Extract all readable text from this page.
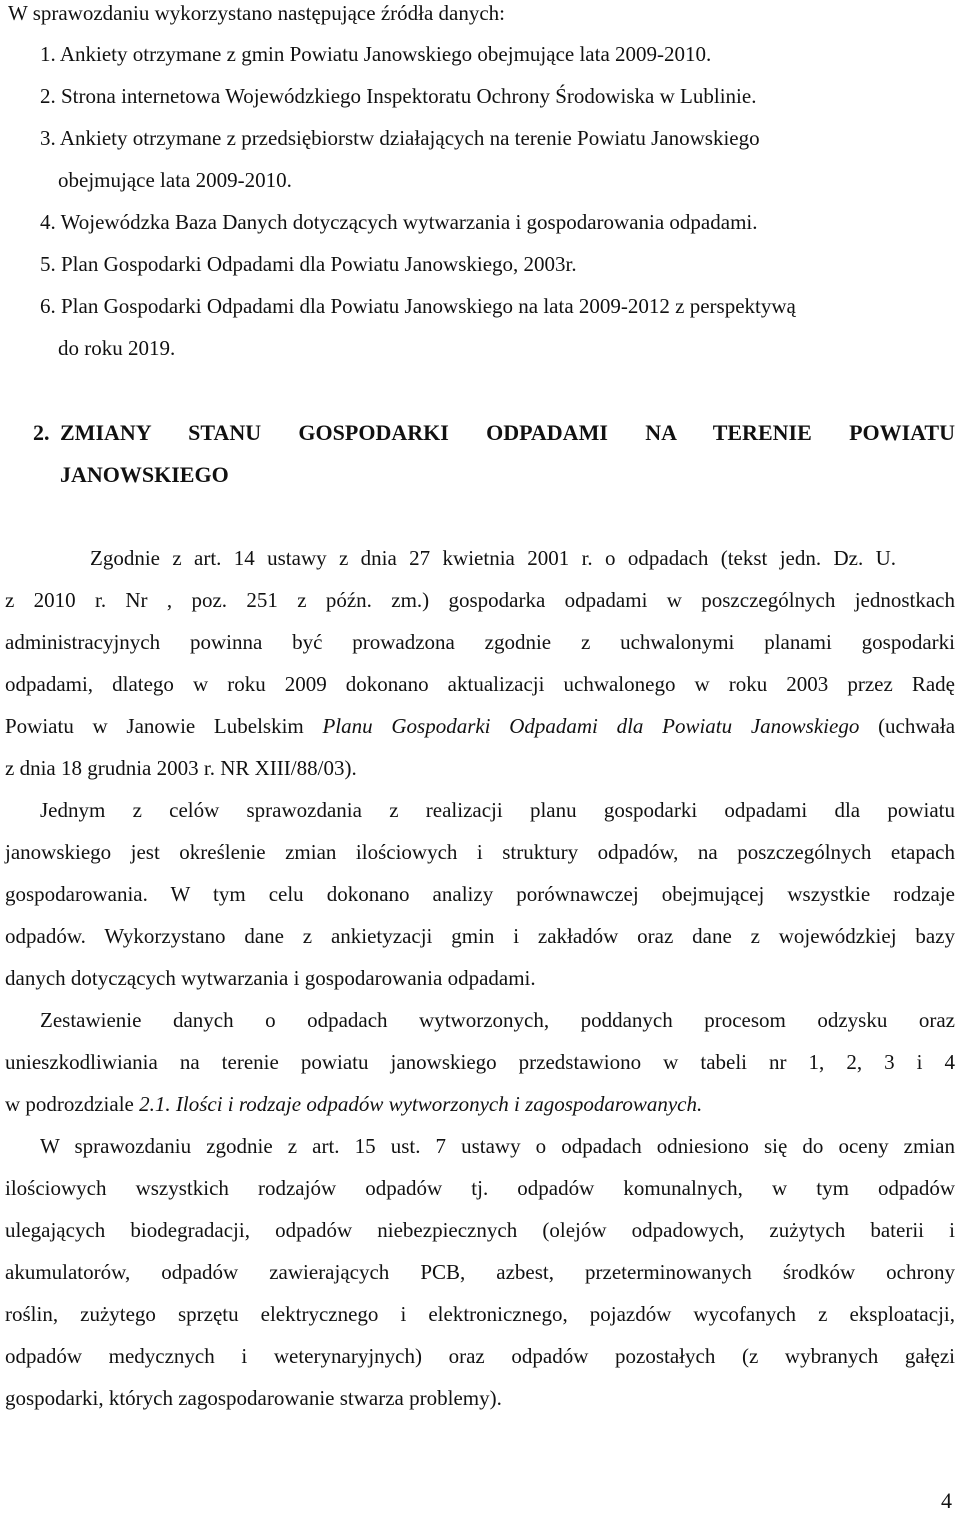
W sprawozdaniu wykorzystano następujące źródła danych:
1. Ankiety otrzymane z gmin Powiatu Janowskiego obejmujące lata 2009-2010.
2. Strona internetowa Wojewódzkiego Inspektoratu Ochrony Środowiska w Lublinie.
3. Ankiety otrzymane z przedsiębiorstw działających na terenie Powiatu Janowskiego
obejmujące lata 2009-2010.
4. Wojewódzka Baza Danych dotyczących wytwarzania i gospodarowania odpadami.
5. Plan Gospodarki Odpadami dla Powiatu Janowskiego, 2003r.
6. Plan Gospodarki Odpadami dla Powiatu Janowskiego na lata 2009-2012 z perspektywą
do roku 2019.
2. ZMIANY STANU GOSPODARKI ODPADAMI NA TERENIE POWIATU
JANOWSKIEGO
Zgodnie z art. 14 ustawy z dnia 27 kwietnia 2001 r. o odpadach (tekst jedn. Dz. U.
z 2010 r. Nr , poz. 251 z późn. zm.) gospodarka odpadami w poszczególnych jednostkach
administracyjnych powinna być prowadzona zgodnie z uchwalonymi planami gospodarki
odpadami, dlatego w roku 2009 dokonano aktualizacji uchwalonego w roku 2003 przez Radę
Powiatu w Janowie Lubelskim Planu Gospodarki Odpadami dla Powiatu Janowskiego (uchwała
z dnia 18 grudnia 2003 r. NR XIII/88/03).
Jednym z celów sprawozdania z realizacji planu gospodarki odpadami dla powiatu
janowskiego jest określenie zmian ilościowych i struktury odpadów, na poszczególnych etapach
gospodarowania. W tym celu dokonano analizy porównawczej obejmującej wszystkie rodzaje
odpadów. Wykorzystano dane z ankietyzacji gmin i zakładów oraz dane z wojewódzkiej bazy
danych dotyczących wytwarzania i gospodarowania odpadami.
Zestawienie danych o odpadach wytworzonych, poddanych procesom odzysku oraz
unieszkodliwiania na terenie powiatu janowskiego przedstawiono w tabeli nr 1, 2, 3 i 4
w podrozdziale 2.1. Ilości i rodzaje odpadów wytworzonych i zagospodarowanych.
W sprawozdaniu zgodnie z art. 15 ust. 7 ustawy o odpadach odniesiono się do oceny zmian
ilościowych wszystkich rodzajów odpadów tj. odpadów komunalnych, w tym odpadów
ulegających biodegradacji, odpadów niebezpiecznych (olejów odpadowych, zużytych baterii i
akumulatorów, odpadów zawierających PCB, azbest, przeterminowanych środków ochrony
roślin, zużytego sprzętu elektrycznego i elektronicznego, pojazdów wycofanych z eksploatacji,
odpadów medycznych i weterynaryjnych) oraz odpadów pozostałych (z wybranych gałęzi
gospodarki, których zagospodarowanie stwarza problemy).
4
